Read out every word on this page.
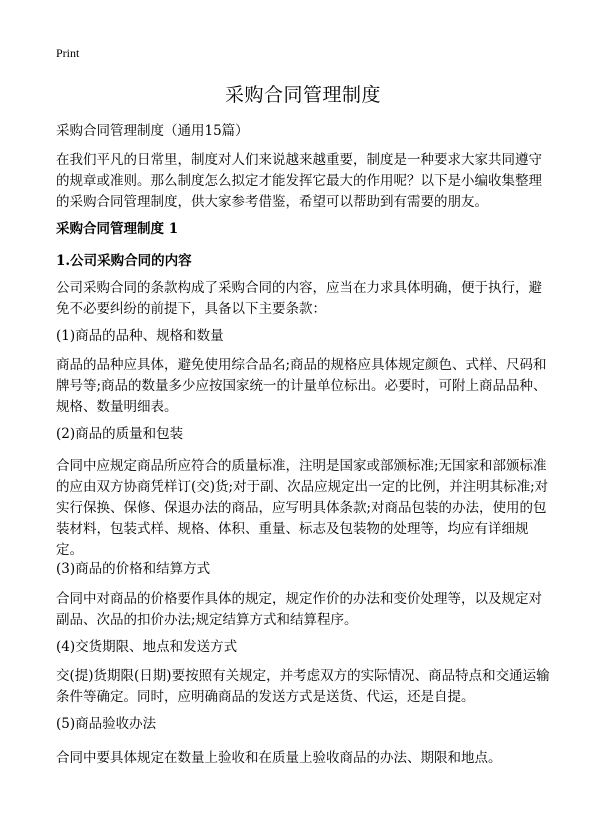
Print
采购合同管理制度

采购合同管理制度（通用15篇）

在我们平凡的日常里，制度对人们来说越来越重要，制度是一种要求大家共同遵守的规章或准则。那么制度怎么拟定才能发挥它最大的作用呢？以下是小编收集整理的采购合同管理制度，供大家参考借鉴，希望可以帮助到有需要的朋友。

采购合同管理制度 1

1.公司采购合同的内容

公司采购合同的条款构成了采购合同的内容，应当在力求具体明确，便于执行，避免不必要纠纷的前提下，具备以下主要条款：

(1)商品的品种、规格和数量

商品的品种应具体，避免使用综合品名;商品的规格应具体规定颜色、式样、尺码和牌号等;商品的数量多少应按国家统一的计量单位标出。必要时，可附上商品品种、规格、数量明细表。

(2)商品的质量和包装

合同中应规定商品所应符合的质量标准，注明是国家或部颁标准;无国家和部颁标准的应由双方协商凭样订(交)货;对于副、次品应规定出一定的比例，并注明其标准;对实行保换、保修、保退办法的商品，应写明具体条款;对商品包装的办法，使用的包装材料，包装式样、规格、体积、重量、标志及包装物的处理等，均应有详细规定。

(3)商品的价格和结算方式

合同中对商品的价格要作具体的规定，规定作价的办法和变价处理等，以及规定对副品、次品的扣价办法;规定结算方式和结算程序。

(4)交货期限、地点和发送方式

交(提)货期限(日期)要按照有关规定，并考虑双方的实际情况、商品特点和交通运输条件等确定。同时，应明确商品的发送方式是送货、代运，还是自提。

(5)商品验收办法

合同中要具体规定在数量上验收和在质量上验收商品的办法、期限和地点。
